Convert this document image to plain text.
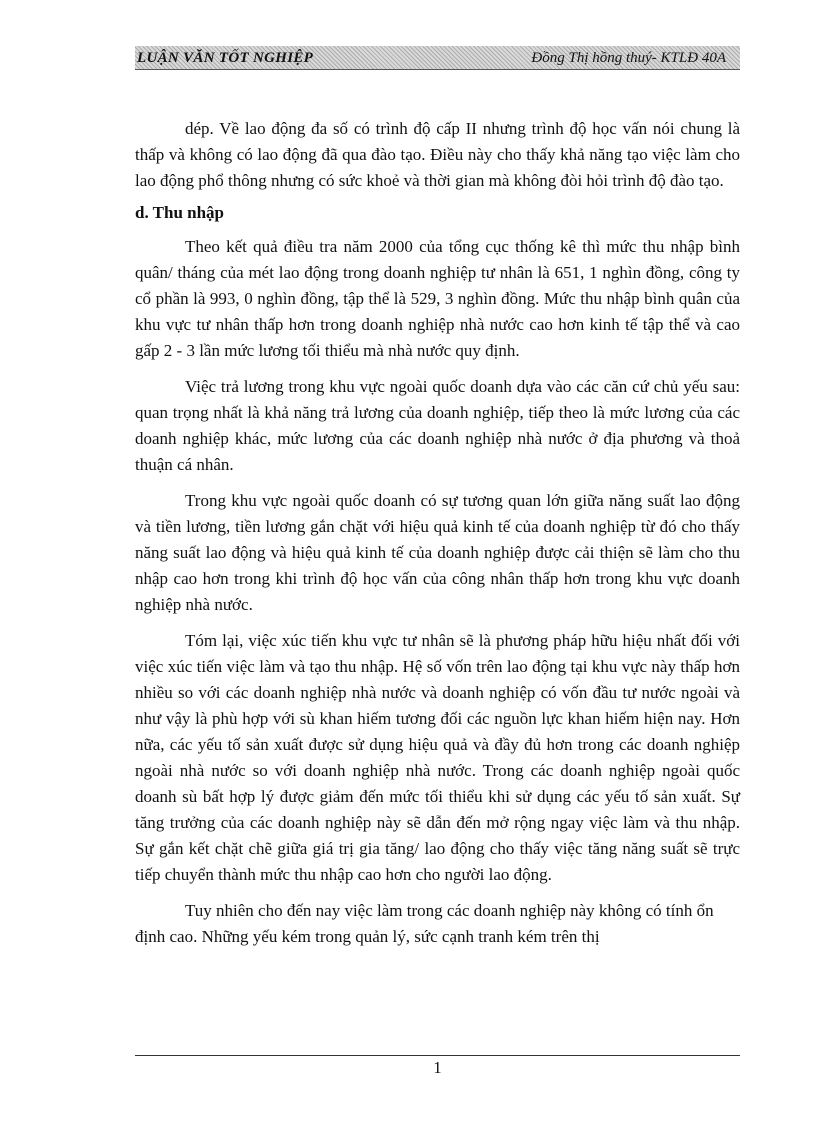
LUẬN VĂN TỐT NGHIỆP	Đồng Thị hồng thuý- KTLĐ 40A

dép. Về lao động đa số có trình độ cấp II nhưng trình độ học vấn nói chung là thấp và không có lao động đã qua đào tạo. Điều này cho thấy khả năng tạo việc làm cho lao động phổ thông nhưng có sức khoẻ và thời gian mà không đòi hỏi trình độ đào tạo.

d. Thu nhập

Theo kết quả điều tra năm 2000 của tổng cục thống kê thì mức thu nhập bình quân/ tháng của mét lao động trong doanh nghiệp tư nhân là 651, 1 nghìn đồng, công ty cổ phần là 993, 0 nghìn đồng, tập thể là 529, 3 nghìn đồng. Mức thu nhập bình quân của khu vực tư nhân thấp hơn trong doanh nghiệp nhà nước cao hơn kinh tế tập thể và cao gấp 2 - 3 lần mức lương tối thiểu mà nhà nước quy định.

Việc trả lương trong khu vực ngoài quốc doanh dựa vào các căn cứ chủ yếu sau: quan trọng nhất là khả năng trả lương của doanh nghiệp, tiếp theo là mức lương của các doanh nghiệp khác, mức lương của các doanh nghiệp nhà nước ở địa phương và thoả thuận cá nhân.

Trong khu vực ngoài quốc doanh có sự tương quan lớn giữa năng suất lao động và tiền lương, tiền lương gắn chặt với hiệu quả kinh tế của doanh nghiệp từ đó cho thấy năng suất lao động và hiệu quả kinh tế của doanh nghiệp được cải thiện sẽ làm cho thu nhập cao hơn trong khi trình độ học vấn của công nhân thấp hơn trong khu vực doanh nghiệp nhà nước.

Tóm lại, việc xúc tiến khu vực tư nhân sẽ là phương pháp hữu hiệu nhất đối với việc xúc tiến việc làm và tạo thu nhập. Hệ số vốn trên lao động tại khu vực này thấp hơn nhiều so với các doanh nghiệp nhà nước và doanh nghiệp có vốn đầu tư nước ngoài và như vậy là phù hợp với sù khan hiếm tương đối các nguồn lực khan hiếm hiện nay. Hơn nữa, các yếu tố sản xuất được sử dụng hiệu quả và đầy đủ hơn trong các doanh nghiệp ngoài nhà nước so với doanh nghiệp nhà nước. Trong các doanh nghiệp ngoài quốc doanh sù bất hợp lý được giảm đến mức tối thiểu khi sử dụng các yếu tố sản xuất. Sự tăng trưởng của các doanh nghiệp này sẽ dẫn đến mở rộng ngay việc làm và thu nhập. Sự gắn kết chặt chẽ giữa giá trị gia tăng/ lao động cho thấy việc tăng năng suất sẽ trực tiếp chuyển thành mức thu nhập cao hơn cho người lao động.

Tuy nhiên cho đến nay việc làm trong các doanh nghiệp này không có tính ổn định cao. Những yếu kém trong quản lý, sức cạnh tranh kém trên thị

1
